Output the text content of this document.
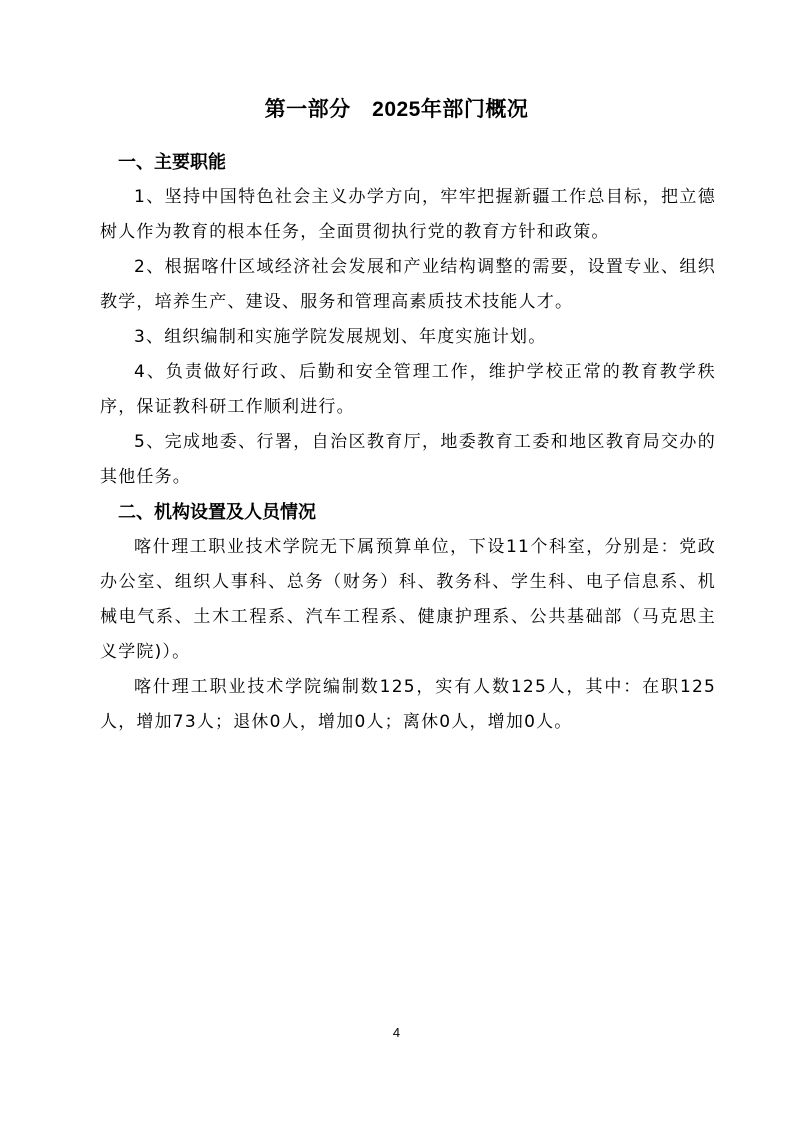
第一部分　2025年部门概况
一、主要职能

1、坚持中国特色社会主义办学方向，牢牢把握新疆工作总目标，把立德树人作为教育的根本任务，全面贯彻执行党的教育方针和政策。

2、根据喀什区域经济社会发展和产业结构调整的需要，设置专业、组织教学，培养生产、建设、服务和管理高素质技术技能人才。

3、组织编制和实施学院发展规划、年度实施计划。

4、负责做好行政、后勤和安全管理工作，维护学校正常的教育教学秩序，保证教科研工作顺利进行。

5、完成地委、行署，自治区教育厅，地委教育工委和地区教育局交办的其他任务。

二、机构设置及人员情况

喀什理工职业技术学院无下属预算单位，下设11个科室，分别是：党政办公室、组织人事科、总务（财务）科、教务科、学生科、电子信息系、机械电气系、土木工程系、汽车工程系、健康护理系、公共基础部（马克思主义学院)）。

喀什理工职业技术学院编制数125，实有人数125人，其中：在职125人，增加73人；退休0人，增加0人；离休0人，增加0人。

4
